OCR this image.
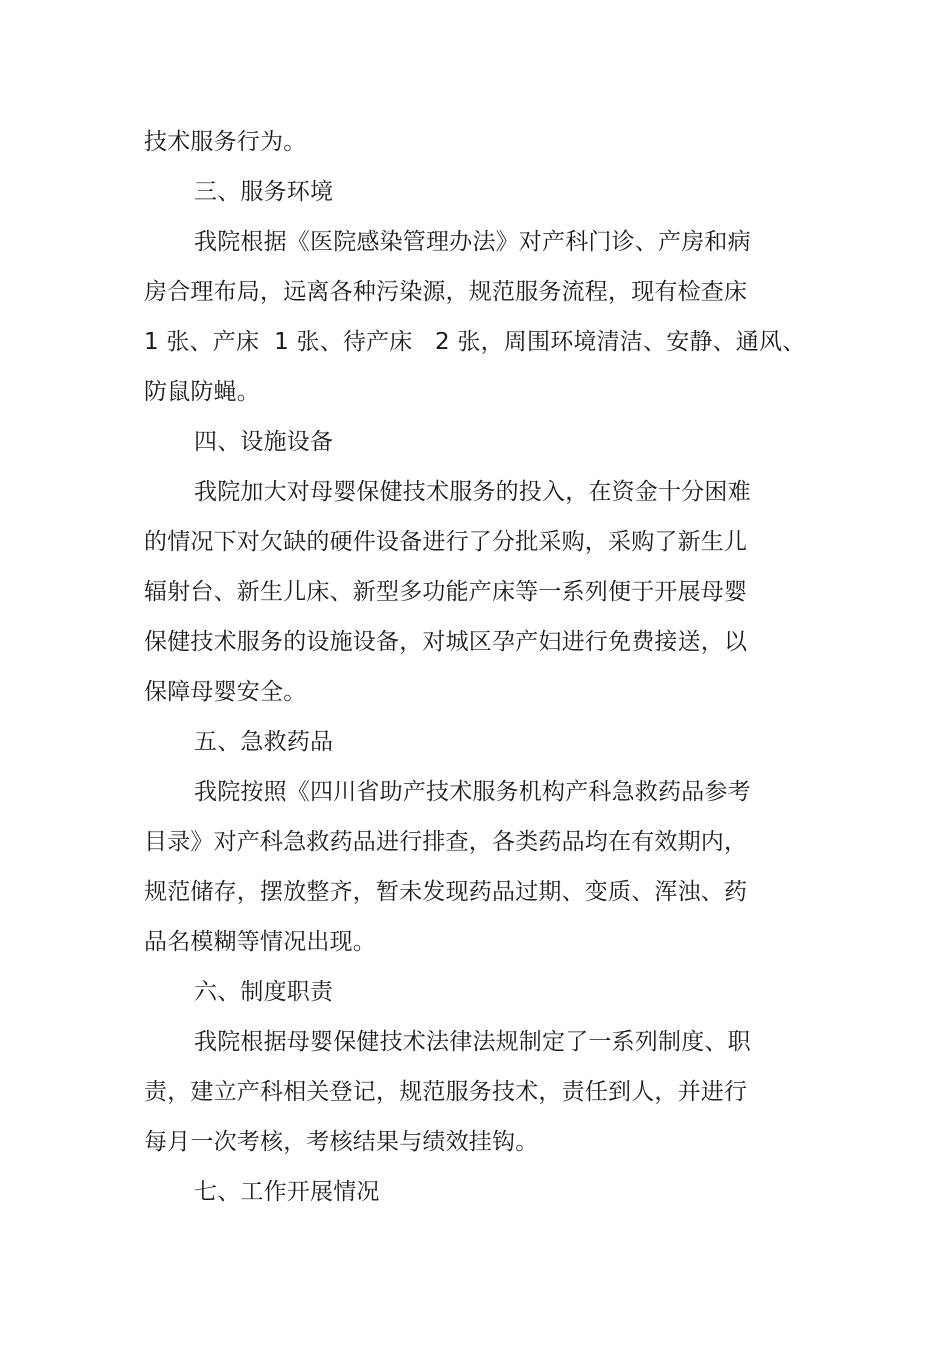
技术服务行为。
三、服务环境
我院根据《医院感染管理办法》对产科门诊、产房和病
房合理布局，远离各种污染源，规范服务流程，现有检查床
1 张、产床  1 张、待产床   2 张，周围环境清洁、安静、通风、
防鼠防蝇。
四、设施设备
我院加大对母婴保健技术服务的投入，在资金十分困难
的情况下对欠缺的硬件设备进行了分批采购，采购了新生儿
辐射台、新生儿床、新型多功能产床等一系列便于开展母婴
保健技术服务的设施设备，对城区孕产妇进行免费接送，以
保障母婴安全。
五、急救药品
我院按照《四川省助产技术服务机构产科急救药品参考
目录》对产科急救药品进行排查，各类药品均在有效期内，
规范储存，摆放整齐，暂未发现药品过期、变质、浑浊、药
品名模糊等情况出现。
六、制度职责
我院根据母婴保健技术法律法规制定了一系列制度、职
责，建立产科相关登记，规范服务技术，责任到人，并进行
每月一次考核，考核结果与绩效挂钩。
七、工作开展情况
